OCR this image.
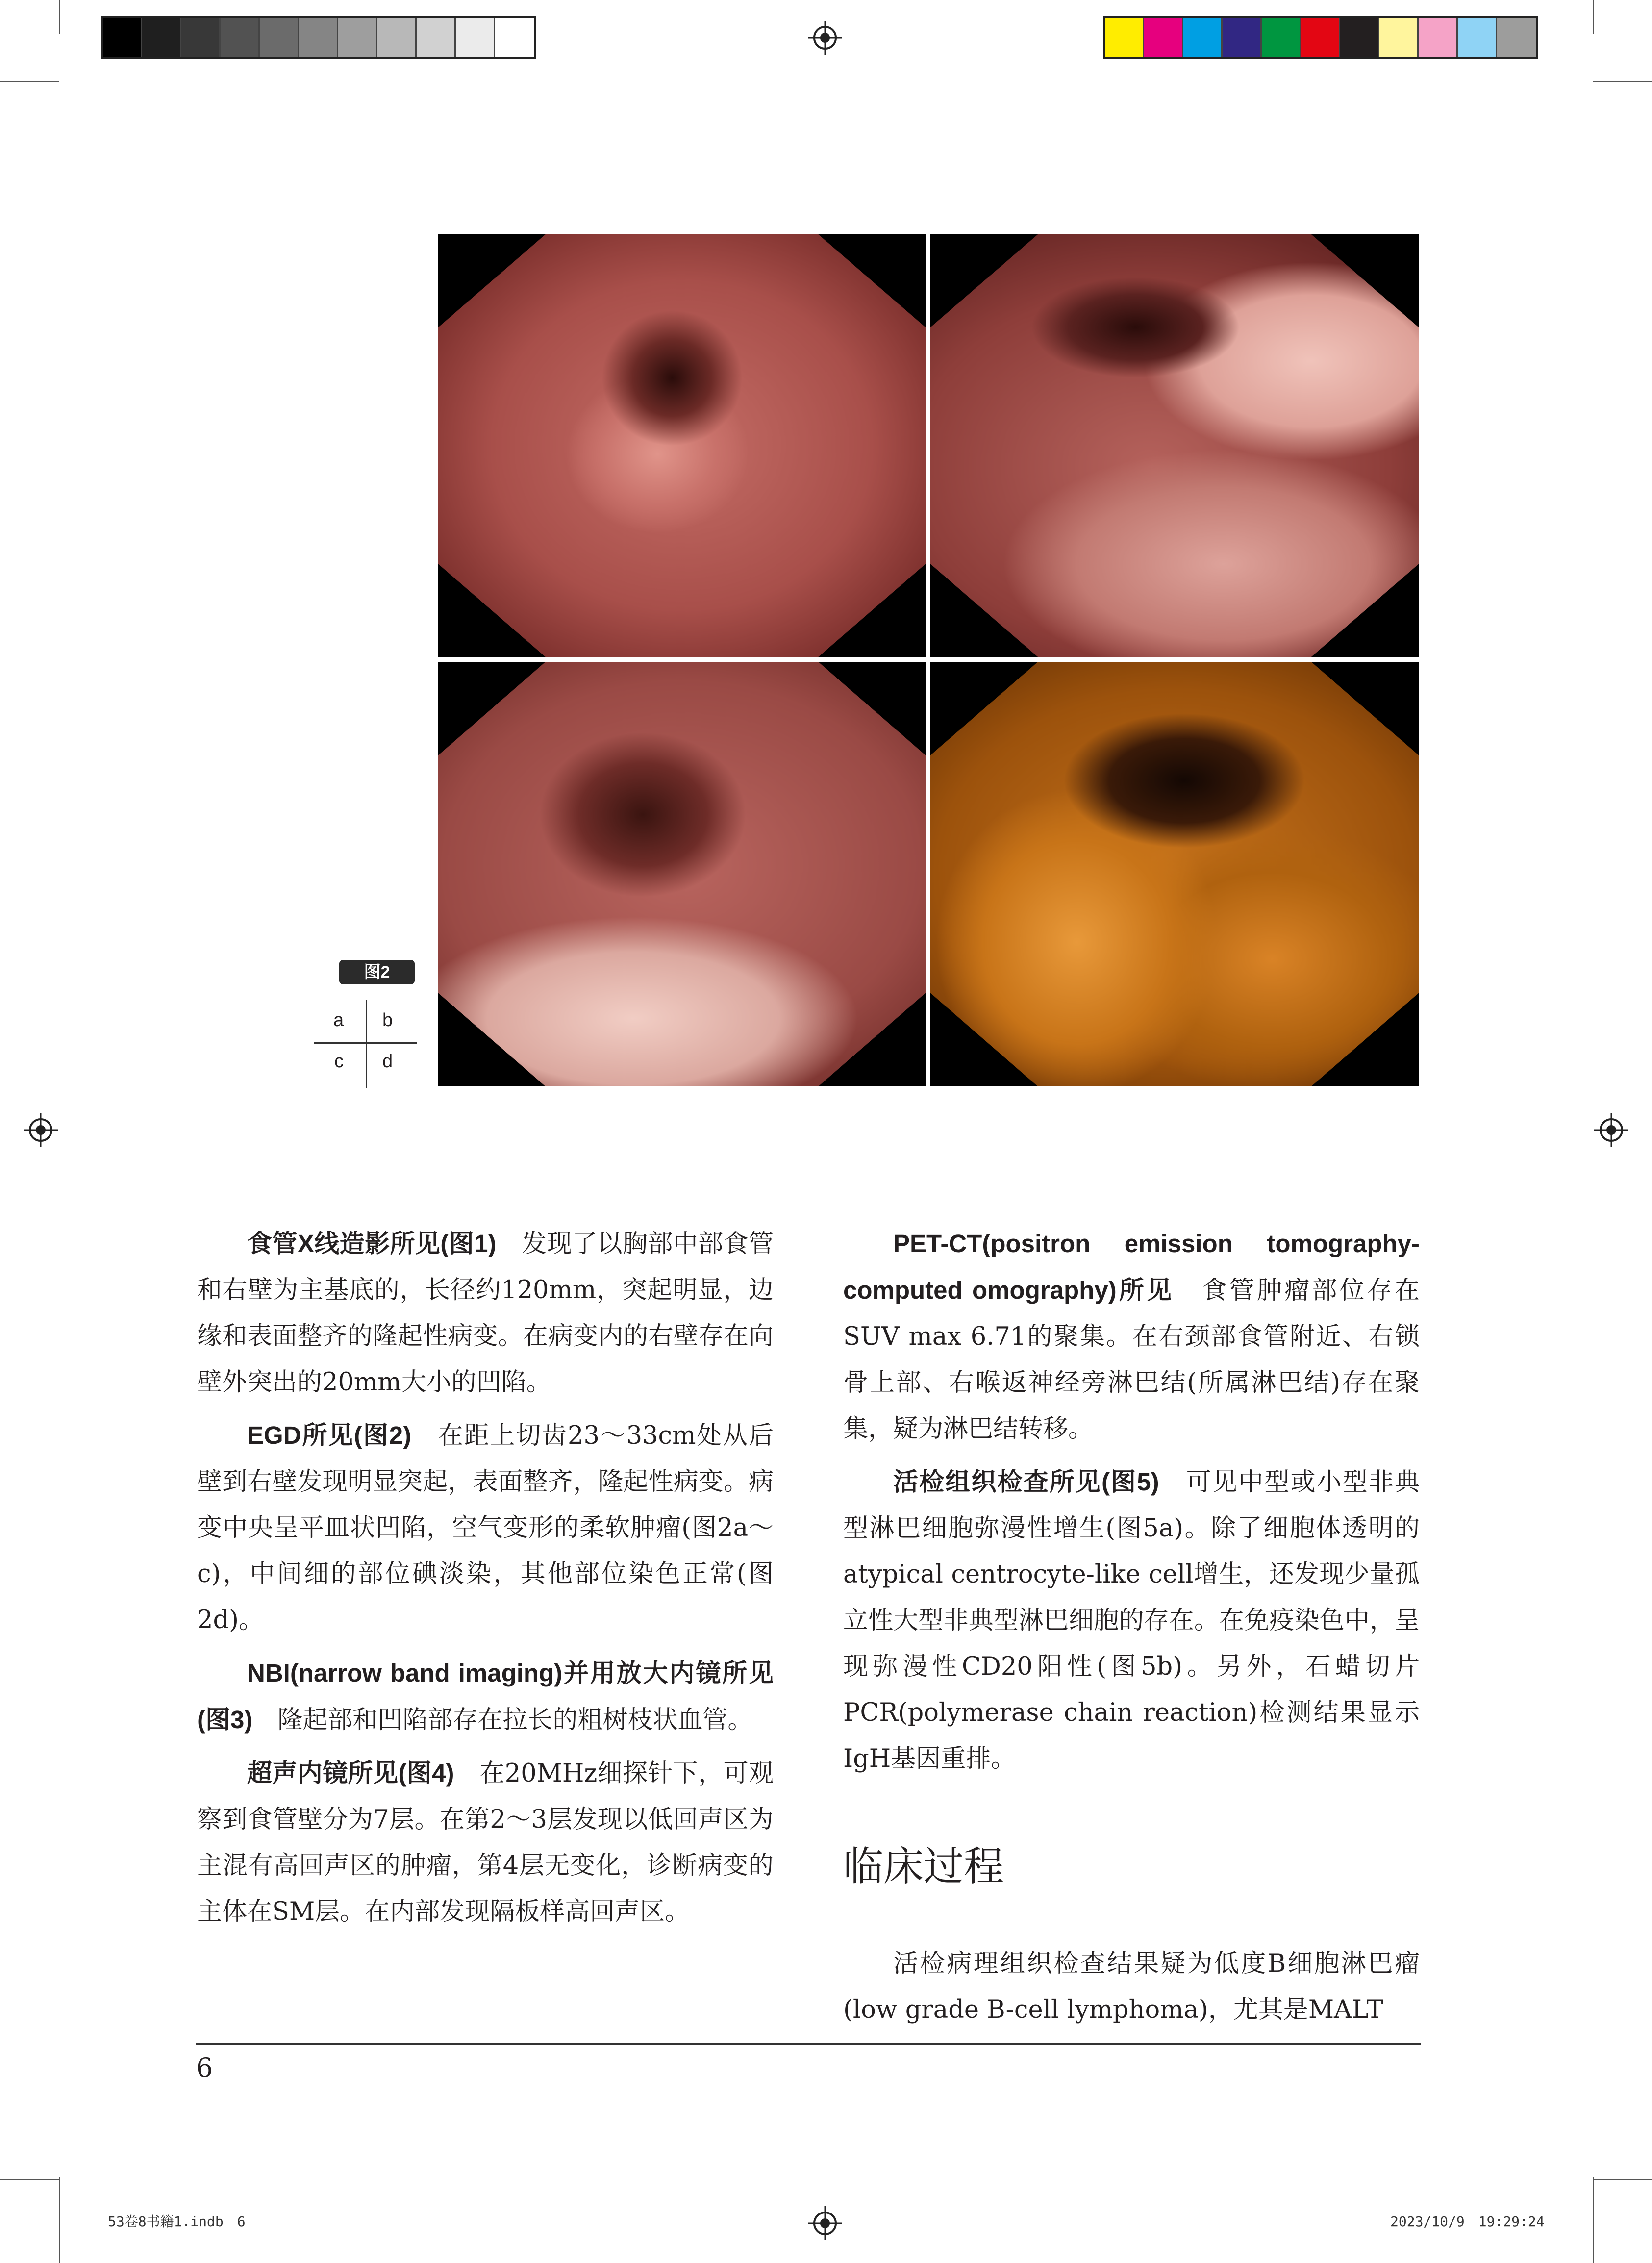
图2
a b
c d

食管X线造影所见(图1)　 发现了以胸部中部食管和右壁为主基底的，长径约120mm，突起明显，边缘和表面整齐的隆起性病变。在病变内的右壁存在向壁外突出的20mm大小的凹陷。

EGD所见(图2)　 在距上切齿23～33cm处从后壁到右壁发现明显突起，表面整齐，隆起性病变。病变中央呈平皿状凹陷，空气变形的柔软肿瘤(图2a～c)，中间细的部位碘淡染，其他部位染色正常(图2d)。

NBI(narrow band imaging)并用放大内镜所见(图3)　 隆起部和凹陷部存在拉长的粗树枝状血管。

超声内镜所见(图4)　 在20MHz细探针下，可观察到食管壁分为7层。在第2～3层发现以低回声区为主混有高回声区的肿瘤，第4层无变化，诊断病变的主体在SM层。在内部发现隔板样高回声区。

PET-CT(positron emission tomography-computed omography)所见　 食管肿瘤部位存在SUV max 6.71的聚集。在右颈部食管附近、右锁骨上部、右喉返神经旁淋巴结(所属淋巴结)存在聚集，疑为淋巴结转移。

活检组织检查所见(图5)　 可见中型或小型非典型淋巴细胞弥漫性增生(图5a)。除了细胞体透明的atypical centrocyte-like cell增生，还发现少量孤立性大型非典型淋巴细胞的存在。在免疫染色中，呈现弥漫性CD20阳性(图5b)。另外，石蜡切片PCR(polymerase chain reaction)检测结果显示IgH基因重排。

临床过程

活检病理组织检查结果疑为低度B细胞淋巴瘤(low grade B-cell lymphoma)，尤其是MALT

6
53卷8书籍1.indb　6	2023/10/9　19:29:24
